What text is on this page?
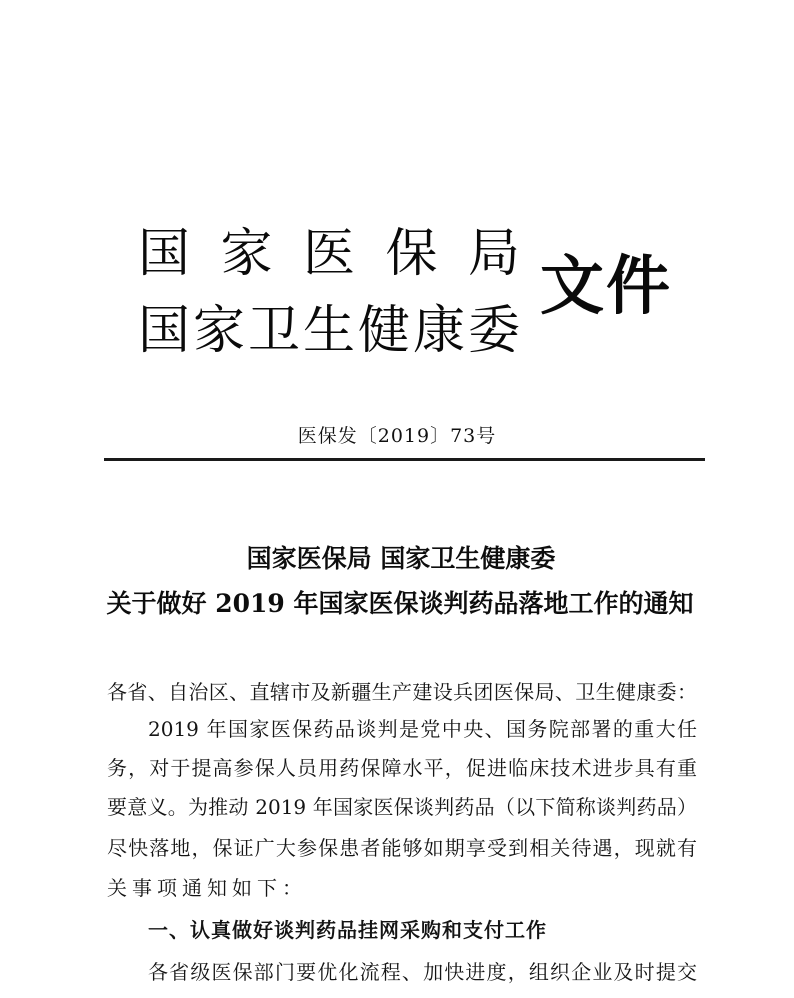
国 家 医 保 局
国 家 卫 生 健 康 委
文件
医保发〔2019〕73号
国家医保局 国家卫生健康委
关于做好 2019 年国家医保谈判药品落地工作的通知
各省、自治区、直辖市及新疆生产建设兵团医保局、卫生健康委：
2019 年国家医保药品谈判是党中央、国务院部署的重大任
务，对于提高参保人员用药保障水平，促进临床技术进步具有重
要意义。为推动 2019 年国家医保谈判药品（以下简称谈判药品）
尽快落地，保证广大参保患者能够如期享受到相关待遇，现就有
关事项通知如下：
一、认真做好谈判药品挂网采购和支付工作
各省级医保部门要优化流程、加快进度，组织企业及时提交
